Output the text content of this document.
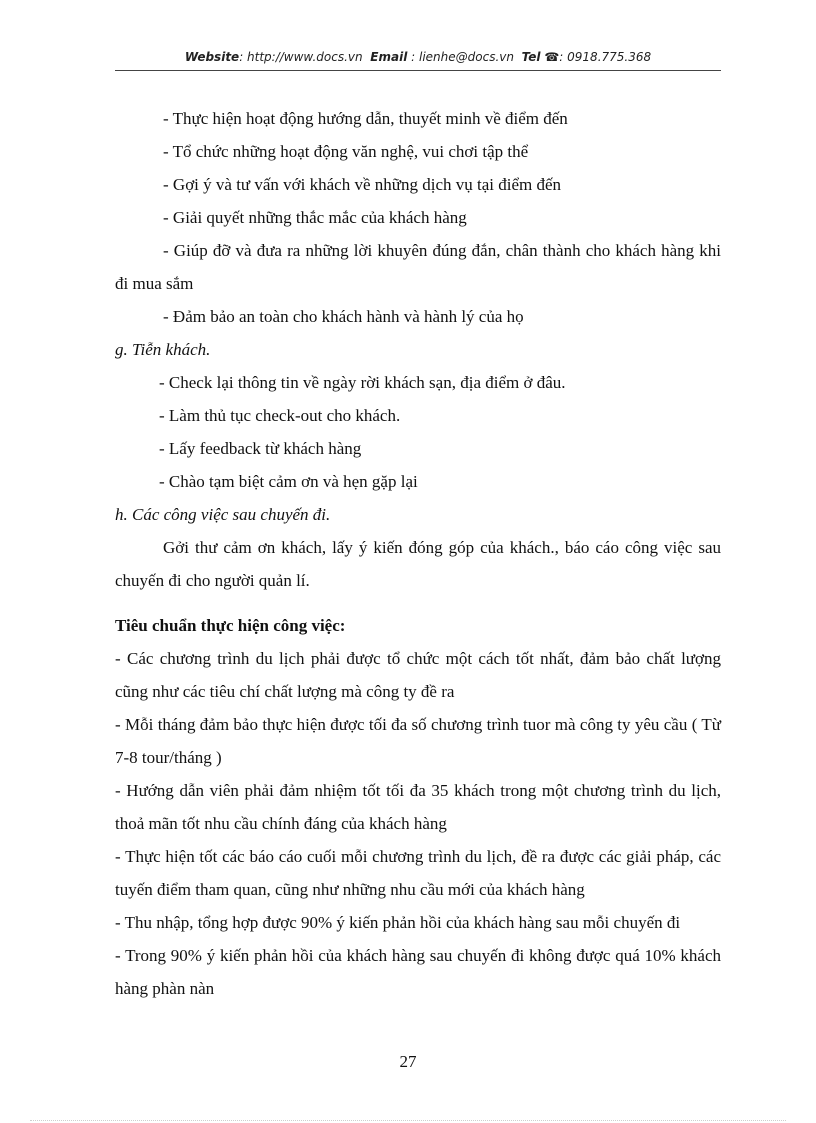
Website: http://www.docs.vn Email : lienhe@docs.vn Tel ☎: 0918.775.368

- Thực hiện hoạt động hướng dẫn, thuyết minh về điểm đến

- Tổ chức những hoạt động văn nghệ, vui chơi tập thể

- Gợi ý và tư vấn với khách về những dịch vụ tại điểm đến

- Giải quyết những thắc mắc của khách hàng

- Giúp đỡ và đưa ra những lời khuyên đúng đắn, chân thành cho khách hàng khi đi mua sắm

- Đảm bảo an toàn cho khách hành và hành lý của họ

g. Tiễn khách.

- Check lại thông tin về ngày rời khách sạn, địa điểm ở đâu.

- Làm thủ tục check-out cho khách.

- Lấy feedback từ khách hàng

- Chào tạm biệt cảm ơn và hẹn gặp lại

h. Các công việc sau chuyến đi.

Gởi thư cảm ơn khách, lấy ý kiến đóng góp của khách., báo cáo công việc sau chuyến đi cho người quản lí.

Tiêu chuẩn thực hiện công việc:

- Các chương trình du lịch phải được tổ chức một cách tốt nhất, đảm bảo chất lượng cũng như các tiêu chí chất lượng mà công ty đề ra

- Mỗi tháng đảm bảo thực hiện được tối đa số chương trình tuor mà công ty yêu cầu ( Từ 7-8 tour/tháng )

- Hướng dẫn viên phải đảm nhiệm tốt tối đa 35 khách trong một chương trình du lịch, thoả mãn tốt nhu cầu chính đáng của khách hàng

- Thực hiện tốt các báo cáo cuối mỗi chương trình du lịch, đề ra được các giải pháp, các tuyến điểm tham quan, cũng như những nhu cầu mới của khách hàng

- Thu nhập, tổng hợp được 90% ý kiến phản hồi của khách hàng sau mỗi chuyến đi

- Trong 90% ý kiến phản hồi của khách hàng sau chuyến đi không được quá 10% khách hàng phàn nàn

27
